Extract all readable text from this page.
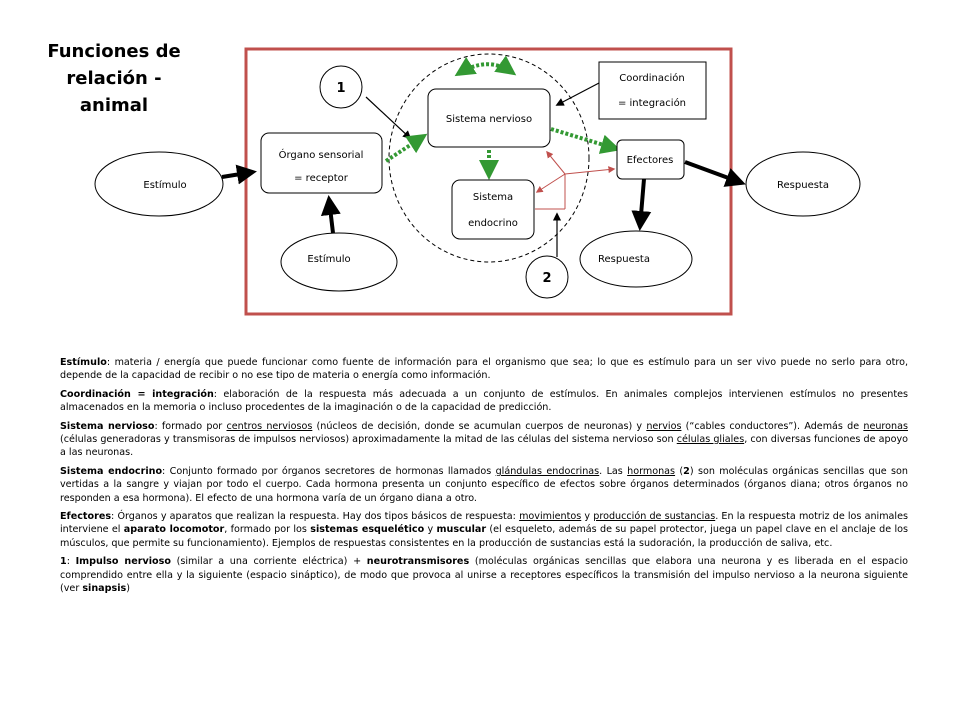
Funciones de
relación -
animal
Órgano sensorial
= receptor
Sistema nervioso
Sistema
endocrino
Coordinación
= integración
Efectores
Estímulo
Estímulo
Respuesta
Respuesta
1
2

Estímulo: materia / energía que puede funcionar como fuente de información para el organismo que sea; lo que es estímulo para un ser vivo puede no serlo para otro, depende de la capacidad de recibir o no ese tipo de materia o energía como información.

Coordinación = integración: elaboración de la respuesta más adecuada a un conjunto de estímulos. En animales complejos intervienen estímulos no presentes almacenados en la memoria o incluso procedentes de la imaginación o de la capacidad de predicción.

Sistema nervioso: formado por centros nerviosos (núcleos de decisión, donde se acumulan cuerpos de neuronas) y nervios (“cables conductores”). Además de neuronas (células generadoras y transmisoras de impulsos nerviosos) aproximadamente la mitad de las células del sistema nervioso son células gliales, con diversas funciones de apoyo a las neuronas.

Sistema endocrino: Conjunto formado por órganos secretores de hormonas llamados glándulas endocrinas. Las hormonas (2) son moléculas orgánicas sencillas que son vertidas a la sangre y viajan por todo el cuerpo. Cada hormona presenta un conjunto específico de efectos sobre órganos determinados (órganos diana; otros órganos no responden a esa hormona). El efecto de una hormona varía de un órgano diana a otro.

Efectores: Órganos y aparatos que realizan la respuesta. Hay dos tipos básicos de respuesta: movimientos y producción de sustancias. En la respuesta motriz de los animales interviene el aparato locomotor, formado por los sistemas esquelético y muscular (el esqueleto, además de su papel protector, juega un papel clave en el anclaje de los músculos, que permite su funcionamiento). Ejemplos de respuestas consistentes en la producción de sustancias está la sudoración, la producción de saliva, etc.

1: Impulso nervioso (similar a una corriente eléctrica) + neurotransmisores (moléculas orgánicas sencillas que elabora una neurona y es liberada en el espacio comprendido entre ella y la siguiente (espacio sináptico), de modo que provoca al unirse a receptores específicos la transmisión del impulso nervioso a la neurona siguiente (ver sinapsis)
